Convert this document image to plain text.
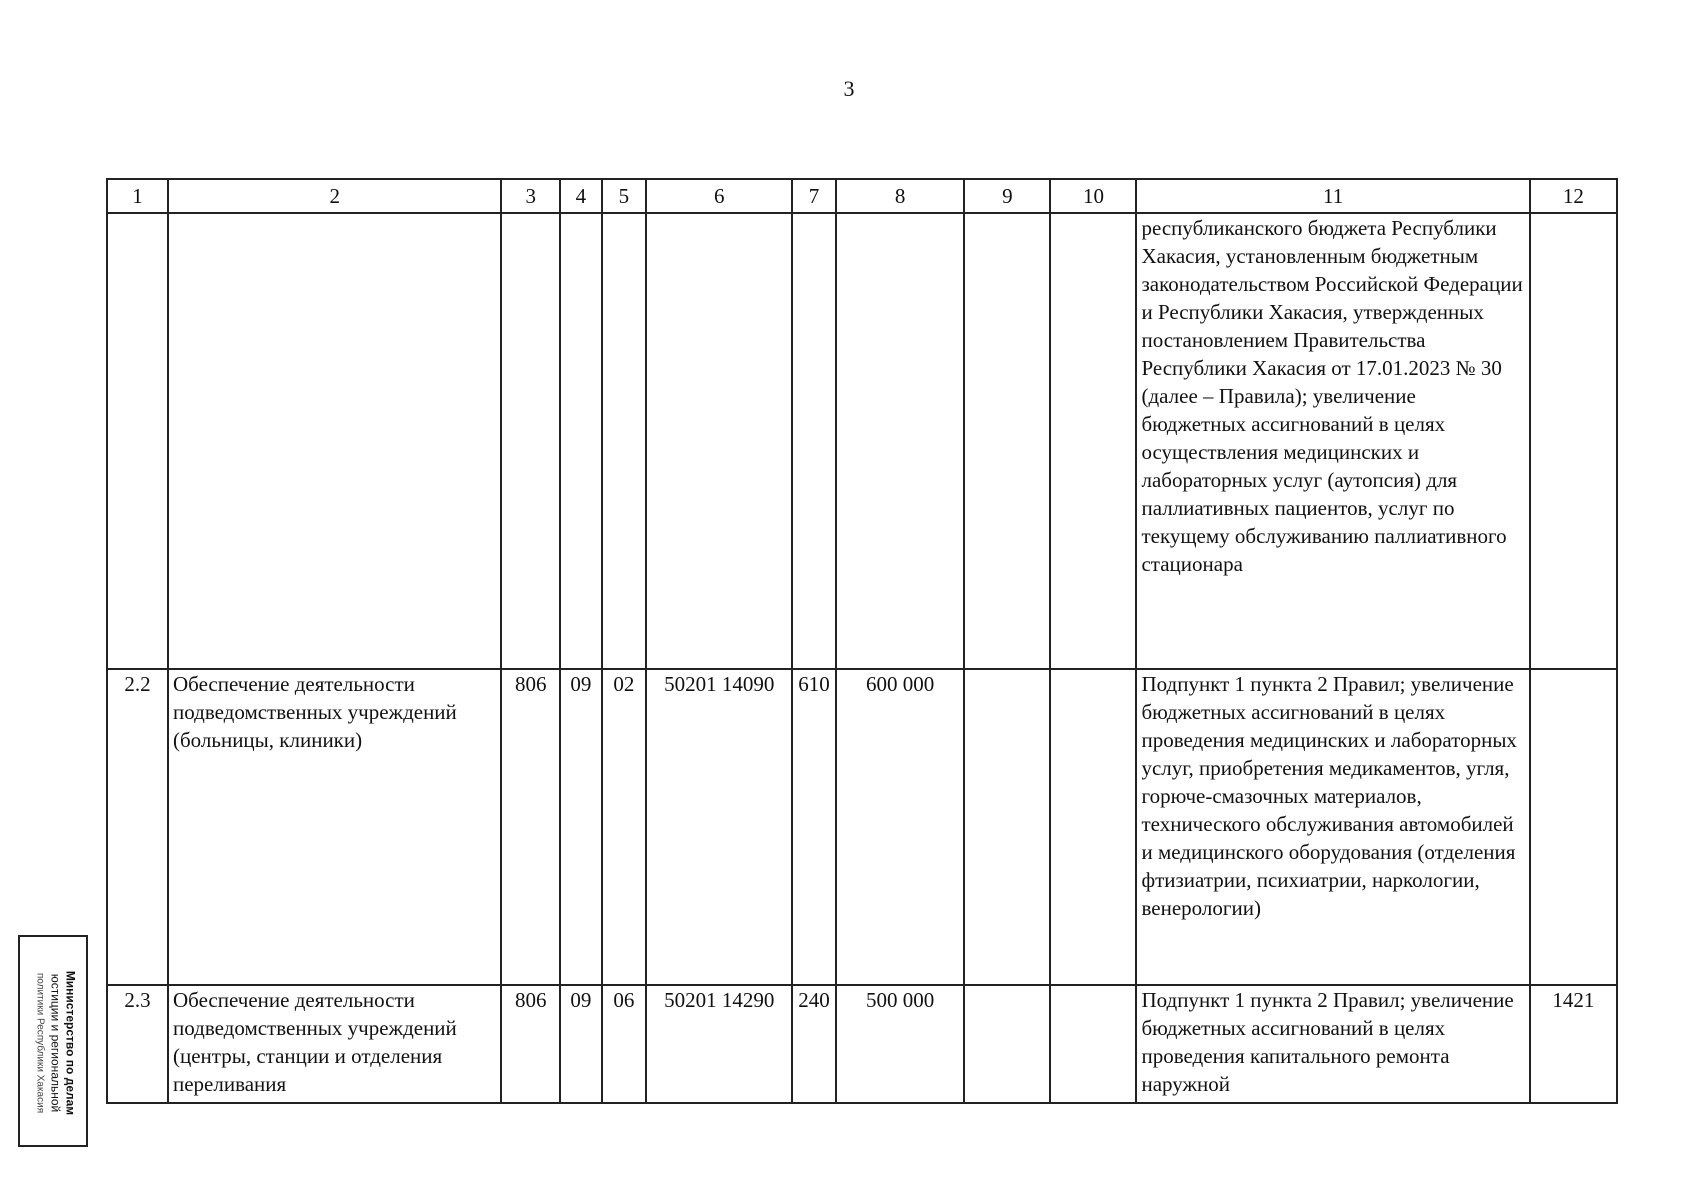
3
1	2	3	4	5	6	7	8	9	10	11	12
										республиканского бюджета Республики Хакасия, установленным бюджетным законодательством Российской Федерации и Республики Хакасия, утвержденных постановлением Правительства Республики Хакасия от 17.01.2023 № 30 (далее – Правила); увеличение бюджетных ассигнований в целях осуществления медицинских и лабораторных услуг (аутопсия) для паллиативных пациентов, услуг по текущему обслуживанию паллиативного стационара	
2.2	Обеспечение деятельности подведомственных учреждений (больницы, клиники)	806	09	02	50201 14090	610	600 000			Подпункт 1 пункта 2 Правил; увеличение бюджетных ассигнований в целях проведения медицинских и лабораторных услуг, приобретения медикаментов, угля, горюче-смазочных материалов, технического обслуживания автомобилей и медицинского оборудования (отделения фтизиатрии, психиатрии, наркологии, венерологии)	
2.3	Обеспечение деятельности подведомственных учреждений (центры, станции и отделения переливания	806	09	06	50201 14290	240	500 000			Подпункт 1 пункта 2 Правил; увеличение бюджетных ассигнований в целях проведения капитального ремонта наружной	1421
Министерство по делам
юстиции и региональной
политики Республики Хакасия
